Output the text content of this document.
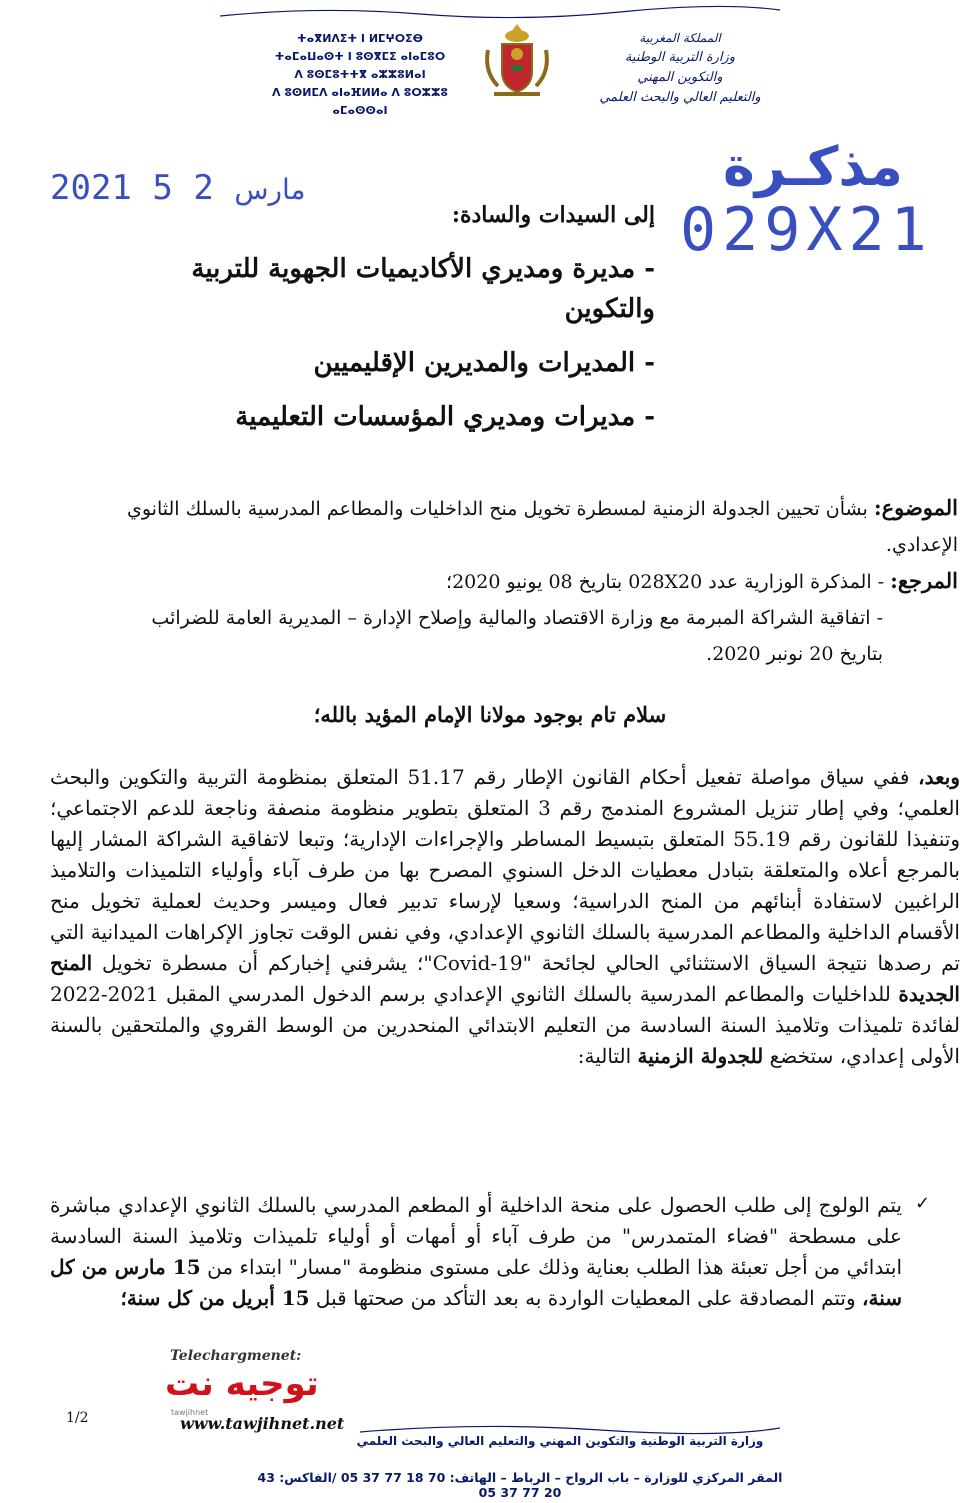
ⵜⴰⴳⵍⴷⵉⵜ ⵏ ⵍⵎⵖⵔⵉⴱ
ⵜⴰⵎⴰⵡⴰⵙⵜ ⵏ ⵓⵙⴳⵎⵉ ⴰⵏⴰⵎⵓⵔ
ⴷ ⵓⵙⵎⵓⵜⵜⴳ ⴰⵣⵣⵓⵍⴰⵏ
ⴷ ⵓⵙⵍⵎⴷ ⴰⵏⴰⴼⵍⵍⴰ ⴷ ⵓⵔⵣⵣⵓ ⴰⵎⴰⵙⵙⴰⵏ
المملكة المغربية
وزارة التربية الوطنية
والتكوين المهني
والتعليم العالي والبحث العلمي
2021	مارس 2 5	مذكـرة
029X21
إلى السيدات والسادة:
- مديرة ومديري الأكاديميات الجهوية للتربية والتكوين
- المديرات والمديرين الإقليميين
- مديرات ومديري المؤسسات التعليمية
الموضوع: بشأن تحيين الجدولة الزمنية لمسطرة تخويل منح الداخليات والمطاعم المدرسية بالسلك الثانوي الإعدادي.
المرجع: - المذكرة الوزارية عدد 028X20 بتاريخ 08 يونيو 2020؛
- اتفاقية الشراكة المبرمة مع وزارة الاقتصاد والمالية وإصلاح الإدارة – المديرية العامة للضرائب
بتاريخ 20 نونبر 2020.
سلام تام بوجود مولانا الإمام المؤيد بالله؛
وبعد، ففي سياق مواصلة تفعيل أحكام القانون الإطار رقم 51.17 المتعلق بمنظومة التربية والتكوين والبحث العلمي؛ وفي إطار تنزيل المشروع المندمج رقم 3 المتعلق بتطوير منظومة منصفة وناجعة للدعم الاجتماعي؛ وتنفيذا للقانون رقم 55.19 المتعلق بتبسيط المساطر والإجراءات الإدارية؛ وتبعا لاتفاقية الشراكة المشار إليها بالمرجع أعلاه والمتعلقة بتبادل معطيات الدخل السنوي المصرح بها من طرف آباء وأولياء التلميذات والتلاميذ الراغبين لاستفادة أبنائهم من المنح الدراسية؛ وسعيا لإرساء تدبير فعال وميسر وحديث لعملية تخويل منح الأقسام الداخلية والمطاعم المدرسية بالسلك الثانوي الإعدادي، وفي نفس الوقت تجاوز الإكراهات الميدانية التي تم رصدها نتيجة السياق الاستثنائي الحالي لجائحة "Covid-19"؛ يشرفني إخباركم أن مسطرة تخويل المنح الجديدة للداخليات والمطاعم المدرسية بالسلك الثانوي الإعدادي برسم الدخول المدرسي المقبل 2021-2022 لفائدة تلميذات وتلاميذ السنة السادسة من التعليم الابتدائي المنحدرين من الوسط القروي والملتحقين بالسنة الأولى إعدادي، ستخضع للجدولة الزمنية التالية:
✓
يتم الولوج إلى طلب الحصول على منحة الداخلية أو المطعم المدرسي بالسلك الثانوي الإعدادي مباشرة على مسطحة "فضاء المتمدرس" من طرف آباء أو أمهات أو أولياء تلميذات وتلاميذ السنة السادسة ابتدائي من أجل تعبئة هذا الطلب بعناية وذلك على مستوى منظومة "مسار" ابتداء من 15 مارس من كل سنة، وتتم المصادقة على المعطيات الواردة به بعد التأكد من صحتها قبل 15 أبريل من كل سنة؛
Telechargmenet:
توجيه نت
tawjihnet
www.tawjihnet.net
1/2
وزارة التربية الوطنية والتكوين المهني والتعليم العالي والبحث العلمي
المقر المركزي للوزارة – باب الرواح – الرباط – الهاتف: 70 18 77 37 05 /الفاكس: 43 20 77 37 05
